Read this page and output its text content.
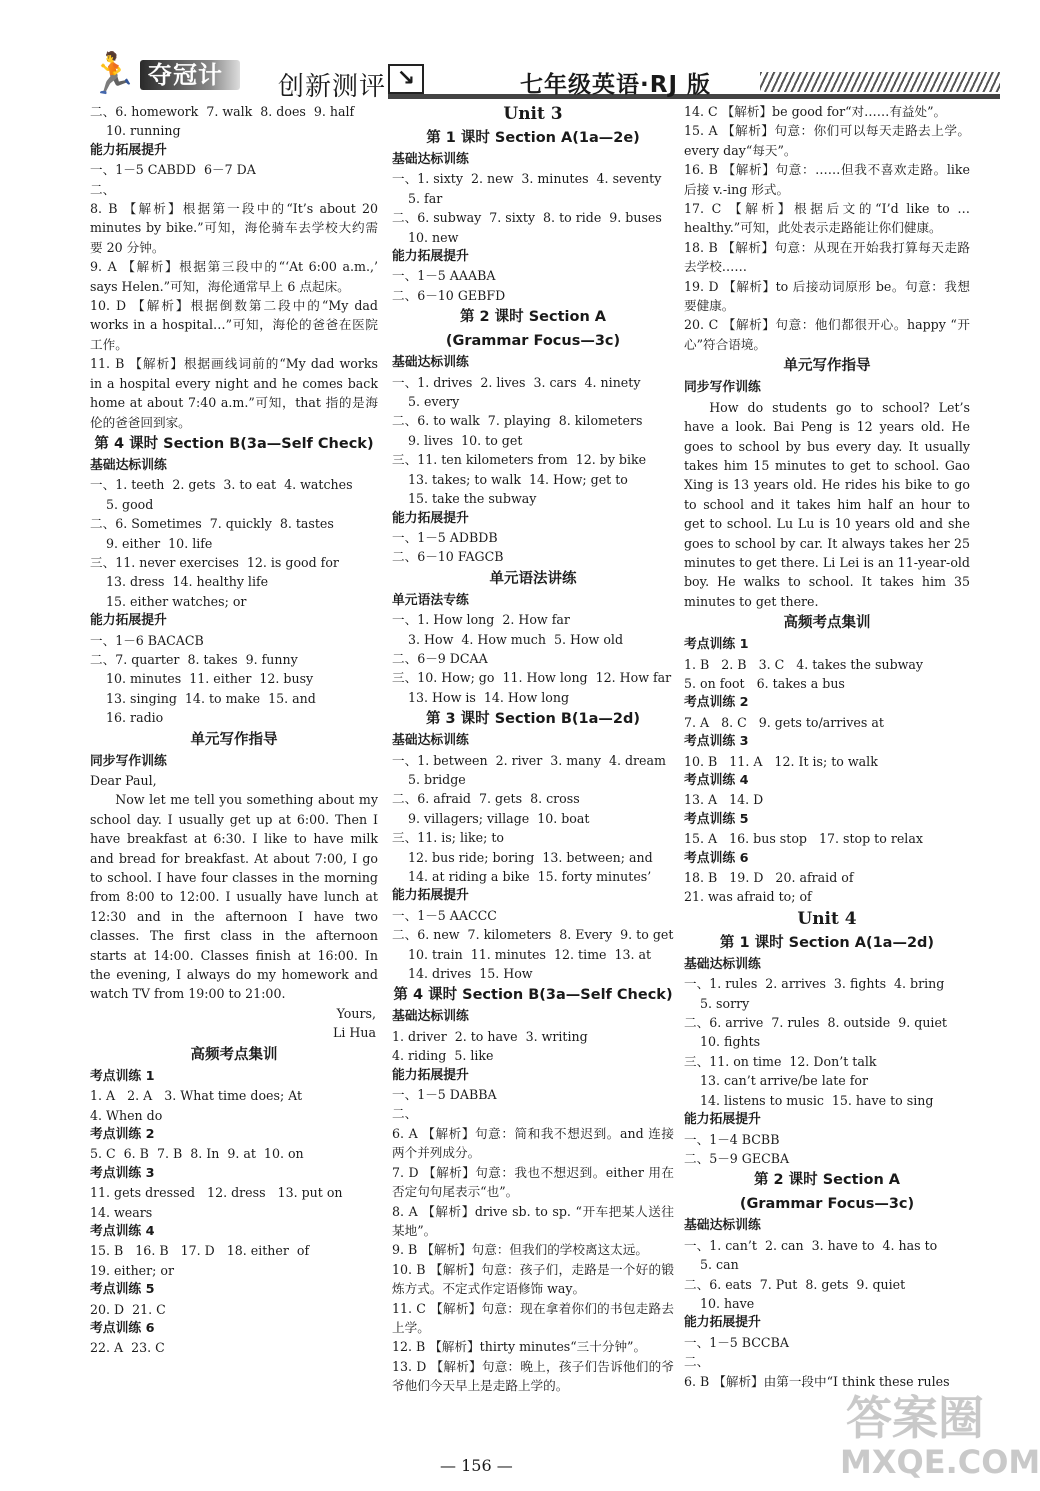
🏃 夺冠计	创新测评 ↘	七年级英语·RJ 版
二、6. homework  7. walk  8. does  9. half
10. running
能力拓展提升
一、1－5 CABDD  6－7 DA
二、
8. B 【解析】根据第一段中的“It’s about 20 minutes by bike.”可知，海伦骑车去学校大约需要 20 分钟。
9. A 【解析】根据第三段中的“‘At 6:00 a.m.,’ says Helen.”可知，海伦通常早上 6 点起床。
10. D 【解析】根据倒数第二段中的“My dad works in a hospital…”可知，海伦的爸爸在医院工作。
11. B 【解析】根据画线词前的“My dad works in a hospital every night and he comes back home at about 7:40 a.m.”可知，that 指的是海伦的爸爸回到家。
第 4 课时 Section B(3a—Self Check)
基础达标训练
一、1. teeth  2. gets  3. to eat  4. watches
5. good
二、6. Sometimes  7. quickly  8. tastes
9. either  10. life
三、11. never exercises  12. is good for
13. dress  14. healthy life
15. either watches; or
能力拓展提升
一、1－6 BACACB
二、7. quarter  8. takes  9. funny
10. minutes  11. either  12. busy
13. singing  14. to make  15. and
16. radio
单元写作指导
同步写作训练
Dear Paul,
Now let me tell you something about my school day. I usually get up at 6:00. Then I have breakfast at 6:30. I like to have milk and bread for breakfast. At about 7:00, I go to school. I have four classes in the morning from 8:00 to 12:00. I usually have lunch at 12:30 and in the afternoon I have two classes. The first class in the afternoon starts at 14:00. Classes finish at 16:00. In the evening, I always do my homework and watch TV from 19:00 to 21:00.
Yours,
Li Hua
高频考点集训
考点训练 1
1. A   2. A   3. What time does; At
4. When do
考点训练 2
5. C  6. B  7. B  8. In  9. at  10. on
考点训练 3
11. gets dressed   12. dress   13. put on
14. wears
考点训练 4
15. B   16. B   17. D   18. either  of
19. either; or
考点训练 5
20. D  21. C
考点训练 6
22. A  23. C
Unit 3
第 1 课时 Section A(1a—2e)
基础达标训练
一、1. sixty  2. new  3. minutes  4. seventy
5. far
二、6. subway  7. sixty  8. to ride  9. buses
10. new
能力拓展提升
一、1－5 AAABA
二、6－10 GEBFD
第 2 课时 Section A
(Grammar Focus—3c)
基础达标训练
一、1. drives  2. lives  3. cars  4. ninety
5. every
二、6. to walk  7. playing  8. kilometers
9. lives  10. to get
三、11. ten kilometers from  12. by bike
13. takes; to walk  14. How; get to
15. take the subway
能力拓展提升
一、1－5 ADBDB
二、6－10 FAGCB
单元语法讲练
单元语法专练
一、1. How long  2. How far
3. How  4. How much  5. How old
二、6－9 DCAA
三、10. How; go  11. How long  12. How far
13. How is  14. How long
第 3 课时 Section B(1a—2d)
基础达标训练
一、1. between  2. river  3. many  4. dream
5. bridge
二、6. afraid  7. gets  8. cross
9. villagers; village  10. boat
三、11. is; like; to
12. bus ride; boring  13. between; and
14. at riding a bike  15. forty minutes’
能力拓展提升
一、1－5 AACCC
二、6. new  7. kilometers  8. Every  9. to get
10. train  11. minutes  12. time  13. at
14. drives  15. How
第 4 课时 Section B(3a—Self Check)
基础达标训练
1. driver  2. to have  3. writing
4. riding  5. like
能力拓展提升
一、1－5 DABBA
二、
6. A 【解析】句意：简和我不想迟到。and 连接两个并列成分。
7. D 【解析】句意：我也不想迟到。either 用在否定句句尾表示“也”。
8. A 【解析】drive sb. to sp. “开车把某人送往某地”。
9. B 【解析】句意：但我们的学校离这太远。
10. B 【解析】句意：孩子们，走路是一个好的锻炼方式。不定式作定语修饰 way。
11. C 【解析】句意：现在拿着你们的书包走路去上学。
12. B 【解析】thirty minutes“三十分钟”。
13. D 【解析】句意：晚上，孩子们告诉他们的爷爷他们今天早上是走路上学的。
14. C 【解析】be good for“对……有益处”。
15. A 【解析】句意：你们可以每天走路去上学。every day“每天”。
16. B 【解析】句意：……但我不喜欢走路。like 后接 v.-ing 形式。
17. C 【解析】根据后文的“I’d like to … healthy.”可知，此处表示走路能让你们健康。
18. B 【解析】句意：从现在开始我打算每天走路去学校……
19. D 【解析】to 后接动词原形 be。句意：我想要健康。
20. C 【解析】句意：他们都很开心。happy “开心”符合语境。
单元写作指导
同步写作训练
How do students go to school? Let’s have a look. Bai Peng is 12 years old. He goes to school by bus every day. It usually takes him 15 minutes to get to school. Gao Xing is 13 years old. He rides his bike to go to school and it takes him half an hour to get to school. Lu Lu is 10 years old and she goes to school by car. It always takes her 25 minutes to get there. Li Lei is an 11-year-old boy. He walks to school. It takes him 35 minutes to get there.
高频考点集训
考点训练 1
1. B   2. B   3. C   4. takes the subway
5. on foot   6. takes a bus
考点训练 2
7. A   8. C   9. gets to/arrives at
考点训练 3
10. B   11. A   12. It is; to walk
考点训练 4
13. A   14. D
考点训练 5
15. A   16. bus stop   17. stop to relax
考点训练 6
18. B   19. D   20. afraid of
21. was afraid to; of
Unit 4
第 1 课时 Section A(1a—2d)
基础达标训练
一、1. rules  2. arrives  3. fights  4. bring
5. sorry
二、6. arrive  7. rules  8. outside  9. quiet
10. fights
三、11. on time  12. Don’t talk
13. can’t arrive/be late for
14. listens to music  15. have to sing
能力拓展提升
一、1－4 BCBB
二、5－9 GECBA
第 2 课时 Section A
(Grammar Focus—3c)
基础达标训练
一、1. can’t  2. can  3. have to  4. has to
5. can
二、6. eats  7. Put  8. gets  9. quiet
10. have
能力拓展提升
一、1－5 BCCBA
二、
6. B 【解析】由第一段中“I think these rules
— 156 —
答案圈
MXQE.COM
